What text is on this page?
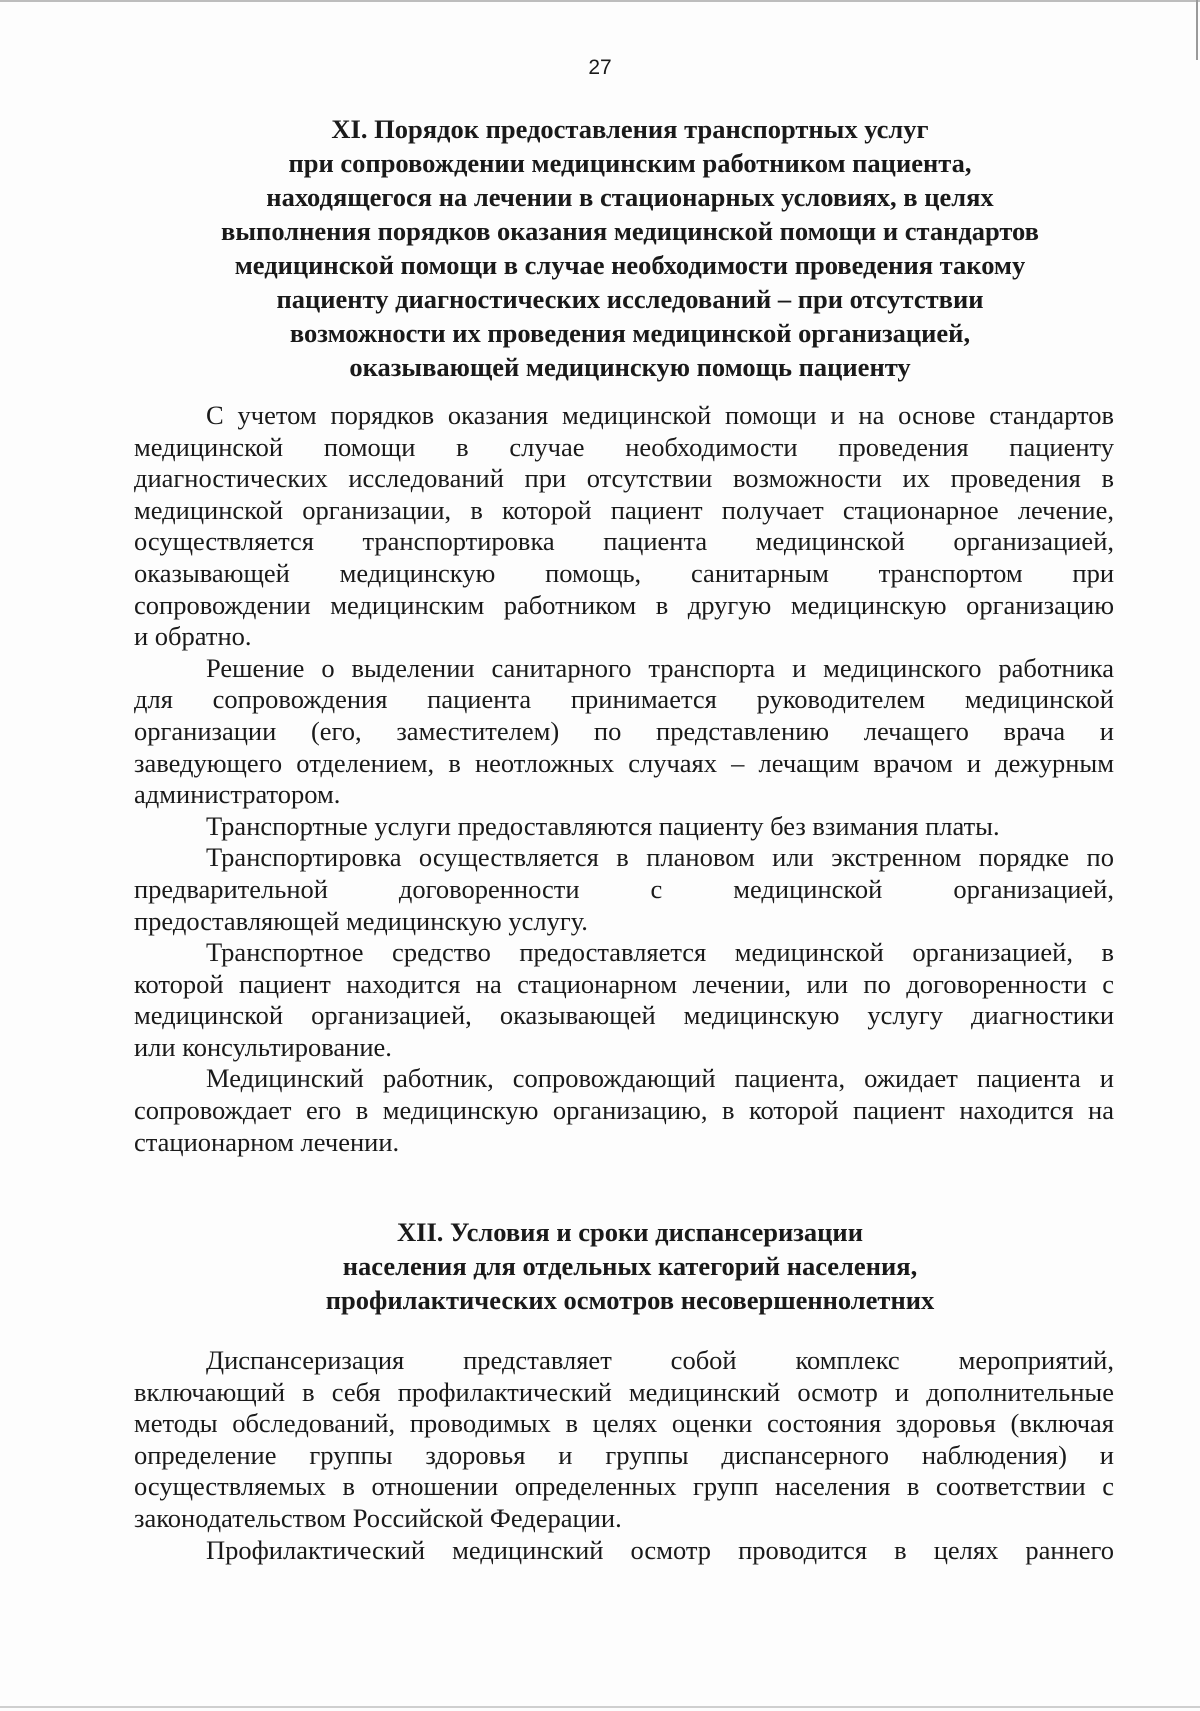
27
XI. Порядок предоставления транспортных услуг
при сопровождении медицинским работником пациента,
находящегося на лечении в стационарных условиях, в целях
выполнения порядков оказания медицинской помощи и стандартов
медицинской помощи в случае необходимости проведения такому
пациенту диагностических исследований – при отсутствии
возможности их проведения медицинской организацией,
оказывающей медицинскую помощь пациенту

С учетом порядков оказания медицинской помощи и на основе стандартов
медицинской помощи в случае необходимости проведения пациенту
диагностических исследований при отсутствии возможности их проведения в
медицинской организации, в которой пациент получает стационарное лечение,
осуществляется транспортировка пациента медицинской организацией,
оказывающей медицинскую помощь, санитарным транспортом при
сопровождении медицинским работником в другую медицинскую организацию
и обратно.

Решение о выделении санитарного транспорта и медицинского работника
для сопровождения пациента принимается руководителем медицинской
организации (его, заместителем) по представлению лечащего врача и
заведующего отделением, в неотложных случаях – лечащим врачом и дежурным
администратором.

Транспортные услуги предоставляются пациенту без взимания платы.

Транспортировка осуществляется в плановом или экстренном порядке по
предварительной договоренности с медицинской организацией,
предоставляющей медицинскую услугу.

Транспортное средство предоставляется медицинской организацией, в
которой пациент находится на стационарном лечении, или по договоренности с
медицинской организацией, оказывающей медицинскую услугу диагностики
или консультирование.

Медицинский работник, сопровождающий пациента, ожидает пациента и
сопровождает его в медицинскую организацию, в которой пациент находится на
стационарном лечении.

XII. Условия и сроки диспансеризации
населения для отдельных категорий населения,
профилактических осмотров несовершеннолетних

Диспансеризация представляет собой комплекс мероприятий,
включающий в себя профилактический медицинский осмотр и дополнительные
методы обследований, проводимых в целях оценки состояния здоровья (включая
определение группы здоровья и группы диспансерного наблюдения) и
осуществляемых в отношении определенных групп населения в соответствии с
законодательством Российской Федерации.

Профилактический медицинский осмотр проводится в целях раннего
